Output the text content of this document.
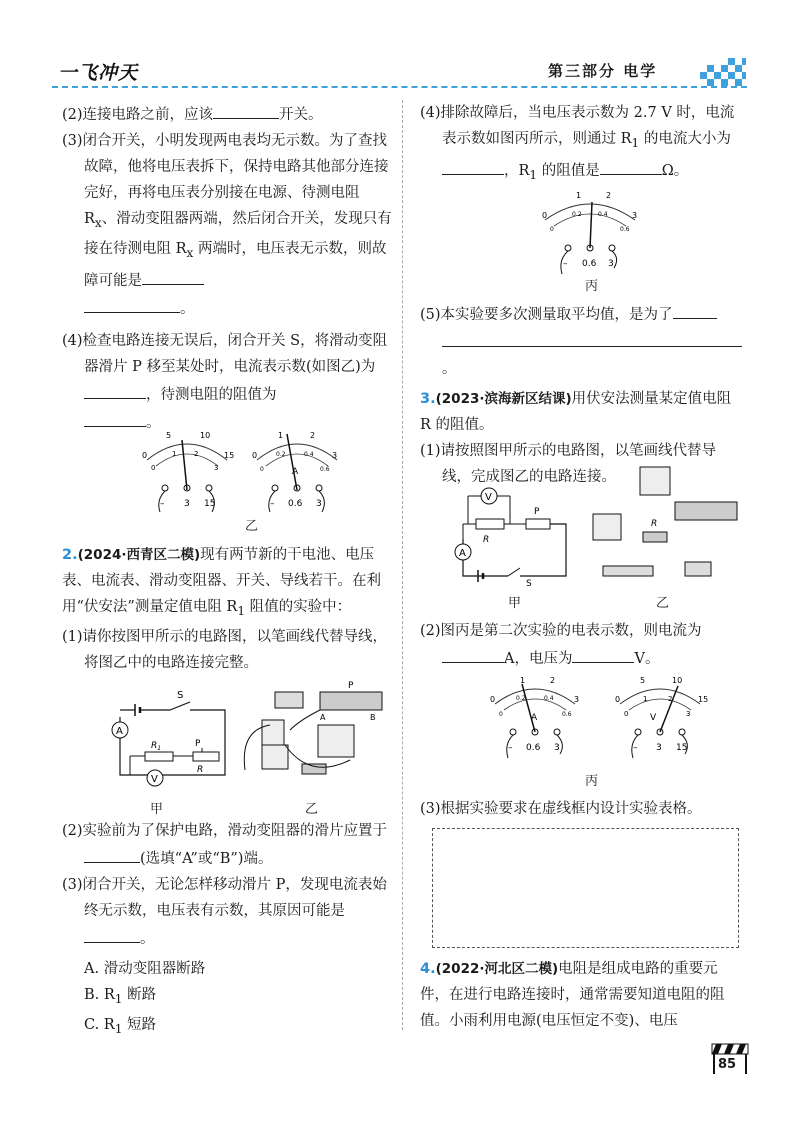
一飞冲天	第三部分 电学

(2)连接电路之前，应该	开关。

(3)闭合开关，小明发现两电表均无示数。为了查找故障，他将电压表拆下，保持电路其他部分连接完好，再将电压表分别接在电源、待测电阻 $R_x$、滑动变阻器两端，然后闭合开关，发现只有接在待测电阻 $R_x$ 两端时，电压表无示数，则故障可能是
。

(4)检查电路连接无误后，闭合开关 S，将滑动变阻器滑片 P 移至某处时，电流表示数(如图乙)为，待测电阻的阻值为
。

0
5	10
15
0
1	2
3
– 3 15
0
1	2
3
0
0.2	0.4
0.6
A
– 0.6 3
乙

2.(2024·西青区二模)现有两节新的干电池、电压表、电流表、滑动变阻器、开关、导线若干。在利用“伏安法”测量定值电阻 $R_1$ 阻值的实验中：

(1)请你按图甲所示的电路图，以笔画线代替导线，将图乙中的电路连接完整。

S
A
$R_1$
R
P
V
甲
P
A	B
乙

(2)实验前为了保护电路，滑动变阻器的滑片应置于(选填“A”或“B”)端。

(3)闭合开关，无论怎样移动滑片 P，发现电流表始终无示数，电压表有示数，其原因可能是。

A. 滑动变阻器断路

B. $R_1$ 断路

C. $R_1$ 短路

(4)排除故障后，当电压表示数为 2.7 V 时，电流表示数如图丙所示，则通过 $R_1$ 的电流大小为，$R_1$ 的阻值是	Ω。

0
1	2
3
0
0.2	0.4
0.6
– 0.6 3
丙

(5)本实验要多次测量取平均值，是为了
。

3.(2023·滨海新区结课)用伏安法测量某定值电阻 R 的阻值。

(1)请按照图甲所示的电路图，以笔画线代替导线，完成图乙的电路连接。

A
R
P
V
S
甲
R
乙

(2)图丙是第二次实验的电表示数，则电流为
A，电压为	V。

0
1	2
3
0
0.2	0.4
0.6
A
– 0.6 3
0
5	10
15
0
1	2
3
V
– 3 15
丙

(3)根据实验要求在虚线框内设计实验表格。

4.(2022·河北区二模)电阻是组成电路的重要元件，在进行电路连接时，通常需要知道电阻的阻值。小雨利用电源(电压恒定不变)、电压

85
